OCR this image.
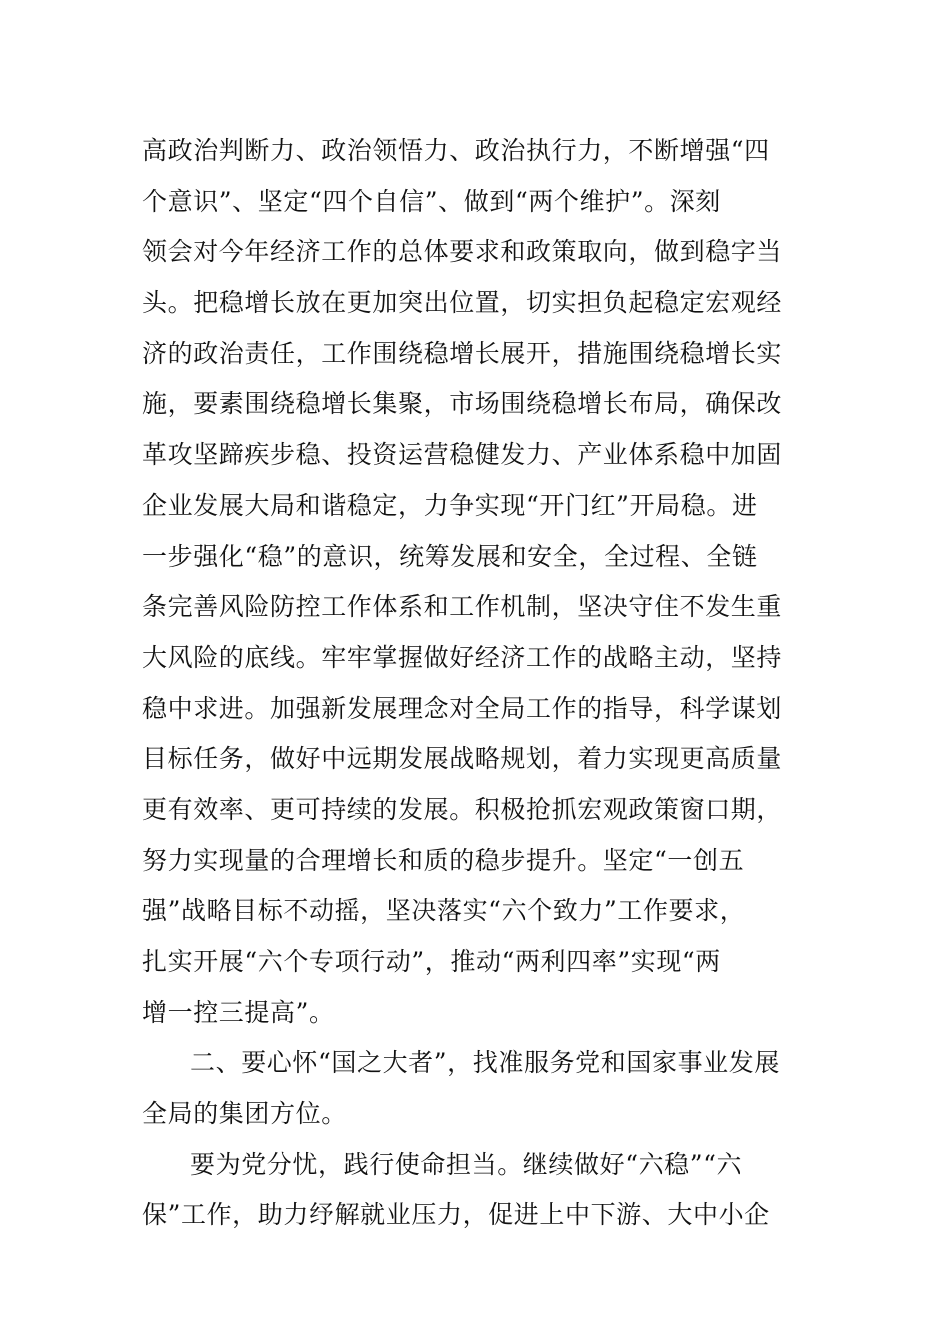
高政治判断力、政治领悟力、政治执行力，不断增强“四
个意识”、坚定“四个自信”、做到“两个维护”。深刻
领会对今年经济工作的总体要求和政策取向，做到稳字当
头。把稳增长放在更加突出位置，切实担负起稳定宏观经
济的政治责任，工作围绕稳增长展开，措施围绕稳增长实
施，要素围绕稳增长集聚，市场围绕稳增长布局，确保改
革攻坚蹄疾步稳、投资运营稳健发力、产业体系稳中加固
企业发展大局和谐稳定，力争实现“开门红”开局稳。进
一步强化“稳”的意识，统筹发展和安全，全过程、全链
条完善风险防控工作体系和工作机制，坚决守住不发生重
大风险的底线。牢牢掌握做好经济工作的战略主动，坚持
稳中求进。加强新发展理念对全局工作的指导，科学谋划
目标任务，做好中远期发展战略规划，着力实现更高质量
更有效率、更可持续的发展。积极抢抓宏观政策窗口期，
努力实现量的合理增长和质的稳步提升。坚定“一创五
强”战略目标不动摇，坚决落实“六个致力”工作要求，
扎实开展“六个专项行动”，推动“两利四率”实现“两
增一控三提高”。
二、要心怀“国之大者”，找准服务党和国家事业发展
全局的集团方位。
要为党分忧，践行使命担当。继续做好“六稳”“六
保”工作，助力纾解就业压力，促进上中下游、大中小企
